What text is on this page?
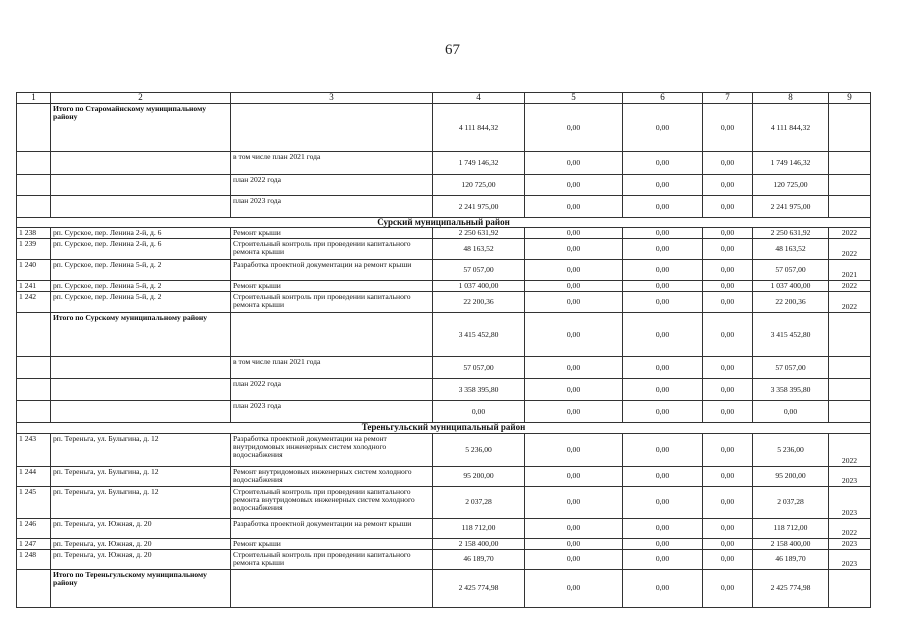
67
1	2	3	4	5	6	7	8	9
	Итого по Старомайнскому муниципальному району		4 111 844,32	0,00	0,00	0,00	4 111 844,32	
		в том числе план 2021 года	1 749 146,32	0,00	0,00	0,00	1 749 146,32	
		план 2022 года	120 725,00	0,00	0,00	0,00	120 725,00	
		план 2023 года	2 241 975,00	0,00	0,00	0,00	2 241 975,00	
Сурский муниципальный район								
1 238	рп. Сурское, пер. Ленина 2-й, д. 6	Ремонт крыши	2 250 631,92	0,00	0,00	0,00	2 250 631,92	2022
1 239	рп. Сурское, пер. Ленина 2-й, д. 6	Строительный контроль при проведении капитального ремонта крыши	48 163,52	0,00	0,00	0,00	48 163,52	2022
1 240	рп. Сурское, пер. Ленина 5-й, д. 2	Разработка проектной документации на ремонт крыши	57 057,00	0,00	0,00	0,00	57 057,00	2021
1 241	рп. Сурское, пер. Ленина 5-й, д. 2	Ремонт крыши	1 037 400,00	0,00	0,00	0,00	1 037 400,00	2022
1 242	рп. Сурское, пер. Ленина 5-й, д. 2	Строительный контроль при проведении капитального ремонта крыши	22 200,36	0,00	0,00	0,00	22 200,36	2022
	Итого по Сурскому муниципальному району		3 415 452,80	0,00	0,00	0,00	3 415 452,80	
		в том числе план 2021 года	57 057,00	0,00	0,00	0,00	57 057,00	
		план 2022 года	3 358 395,80	0,00	0,00	0,00	3 358 395,80	
		план 2023 года	0,00	0,00	0,00	0,00	0,00	
Тереньгульский муниципальный район								
1 243	рп. Тереньга, ул. Булыгина, д. 12	Разработка проектной документации на ремонт внутридомовых инженерных систем холодного водоснабжения	5 236,00	0,00	0,00	0,00	5 236,00	2022
1 244	рп. Тереньга, ул. Булыгина, д. 12	Ремонт внутридомовых инженерных систем холодного водоснабжения	95 200,00	0,00	0,00	0,00	95 200,00	2023
1 245	рп. Тереньга, ул. Булыгина, д. 12	Строительный контроль при проведении капитального ремонта внутридомовых инженерных систем холодного водоснабжения	2 037,28	0,00	0,00	0,00	2 037,28	2023
1 246	рп. Тереньга, ул. Южная, д. 20	Разработка проектной документации на ремонт крыши	118 712,00	0,00	0,00	0,00	118 712,00	2022
1 247	рп. Тереньга, ул. Южная, д. 20	Ремонт крыши	2 158 400,00	0,00	0,00	0,00	2 158 400,00	2023
1 248	рп. Тереньга, ул. Южная, д. 20	Строительный контроль при проведении капитального ремонта крыши	46 189,70	0,00	0,00	0,00	46 189,70	2023
	Итого по Тереньгульскому муниципальному району		2 425 774,98	0,00	0,00	0,00	2 425 774,98	
